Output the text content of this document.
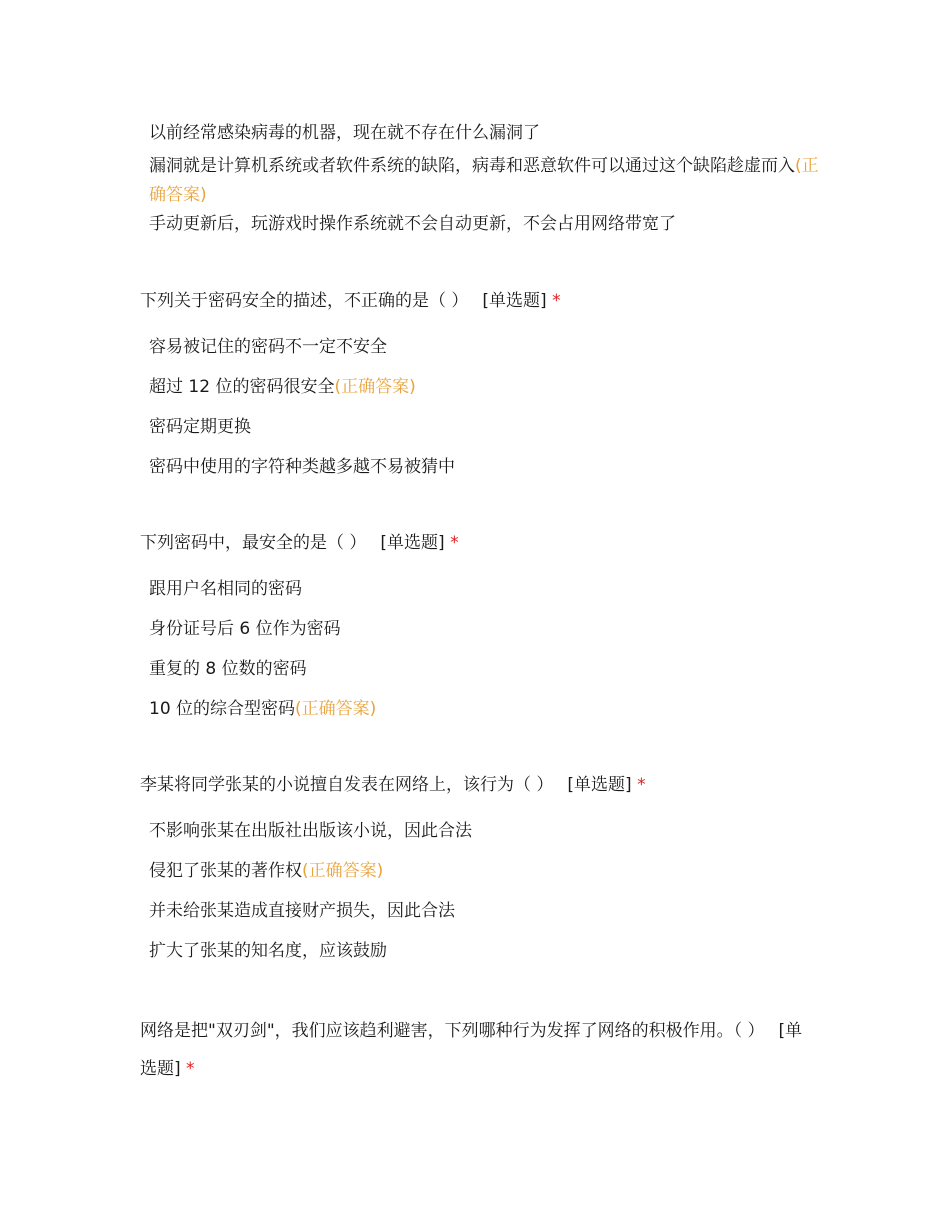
以前经常感染病毒的机器，现在就不存在什么漏洞了
漏洞就是计算机系统或者软件系统的缺陷，病毒和恶意软件可以通过这个缺陷趁虚而入(正确答案)
手动更新后，玩游戏时操作系统就不会自动更新，不会占用网络带宽了
下列关于密码安全的描述，不正确的是（ ） [单选题] *
容易被记住的密码不一定不安全
超过 12 位的密码很安全(正确答案)
密码定期更换
密码中使用的字符种类越多越不易被猜中
下列密码中，最安全的是（ ） [单选题] *
跟用户名相同的密码
身份证号后 6 位作为密码
重复的 8 位数的密码
10 位的综合型密码(正确答案)
李某将同学张某的小说擅自发表在网络上，该行为（ ） [单选题] *
不影响张某在出版社出版该小说，因此合法
侵犯了张某的著作权(正确答案)
并未给张某造成直接财产损失，因此合法
扩大了张某的知名度，应该鼓励
网络是把"双刃剑"，我们应该趋利避害，下列哪种行为发挥了网络的积极作用。（ ） [单选题] *
